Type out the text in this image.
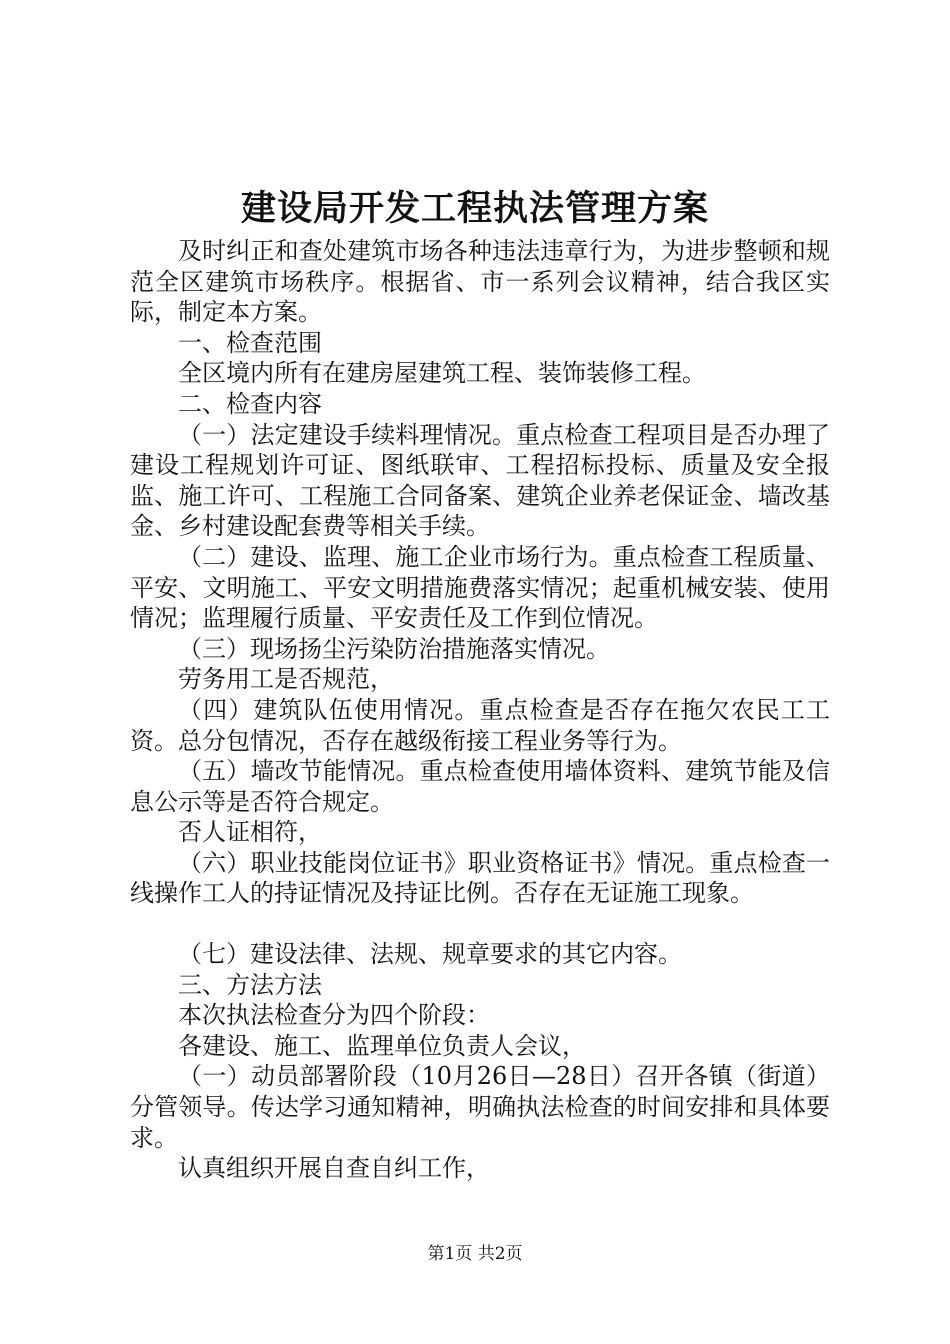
建设局开发工程执法管理方案

及时纠正和查处建筑市场各种违法违章行为，为进步整顿和规范全区建筑市场秩序。根据省、市一系列会议精神，结合我区实际，制定本方案。

一、检查范围

全区境内所有在建房屋建筑工程、装饰装修工程。

二、检查内容

（一）法定建设手续料理情况。重点检查工程项目是否办理了建设工程规划许可证、图纸联审、工程招标投标、质量及安全报监、施工许可、工程施工合同备案、建筑企业养老保证金、墙改基金、乡村建设配套费等相关手续。

（二）建设、监理、施工企业市场行为。重点检查工程质量、平安、文明施工、平安文明措施费落实情况；起重机械安装、使用情况；监理履行质量、平安责任及工作到位情况。

（三）现场扬尘污染防治措施落实情况。

劳务用工是否规范，

（四）建筑队伍使用情况。重点检查是否存在拖欠农民工工资。总分包情况，否存在越级衔接工程业务等行为。

（五）墙改节能情况。重点检查使用墙体资料、建筑节能及信息公示等是否符合规定。

否人证相符，

（六）职业技能岗位证书》职业资格证书》情况。重点检查一线操作工人的持证情况及持证比例。否存在无证施工现象。

（七）建设法律、法规、规章要求的其它内容。

三、方法方法

本次执法检查分为四个阶段：

各建设、施工、监理单位负责人会议，

（一）动员部署阶段（10月26日—28日）召开各镇（街道）分管领导。传达学习通知精神，明确执法检查的时间安排和具体要求。

认真组织开展自查自纠工作，

第1页 共2页
